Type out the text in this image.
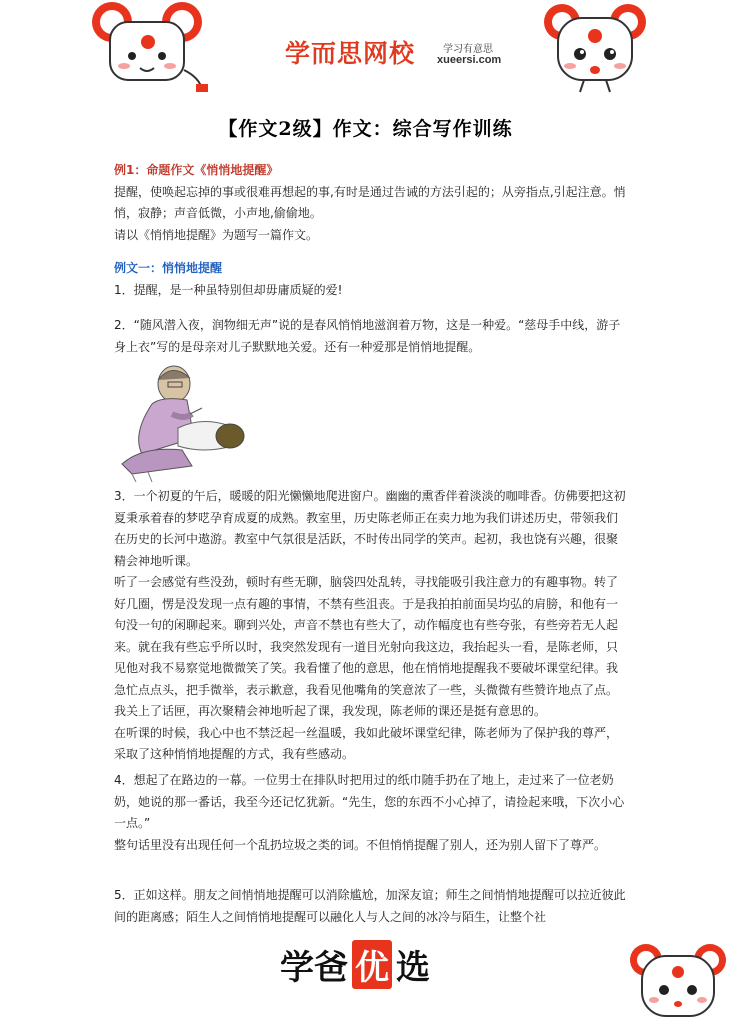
学而思网校	学习有意思
xueersi.com
【作文2级】作文：综合写作训练

例1：命题作文《悄悄地提醒》

提醒，使唤起忘掉的事或很难再想起的事,有时是通过告诫的方法引起的；从旁指点,引起注意。悄悄，寂静；声音低微，小声地,偷偷地。

请以《悄悄地提醒》为题写一篇作文。

例文一：悄悄地提醒

1．提醒，是一种虽特别但却毋庸质疑的爱!

2．“随风潜入夜，润物细无声”说的是春风悄悄地滋润着万物，这是一种爱。“慈母手中线，游子身上衣”写的是母亲对儿子默默地关爱。还有一种爱那是悄悄地提醒。

3．一个初夏的午后，暖暖的阳光懒懒地爬进窗户。幽幽的熏香伴着淡淡的咖啡香。仿佛要把这初夏秉承着春的梦呓孕育成夏的成熟。教室里，历史陈老师正在卖力地为我们讲述历史，带领我们在历史的长河中遨游。教室中气氛很是活跃，不时传出同学的笑声。起初，我也饶有兴趣，很聚精会神地听课。

听了一会感觉有些没劲，顿时有些无聊，脑袋四处乱转，寻找能吸引我注意力的有趣事物。转了好几圈，愣是没发现一点有趣的事情，不禁有些沮丧。于是我拍拍前面吴均弘的肩膀，和他有一句没一句的闲聊起来。聊到兴处，声音不禁也有些大了，动作幅度也有些夸张，有些旁若无人起来。就在我有些忘乎所以时，我突然发现有一道目光射向我这边，我抬起头一看，是陈老师，只见他对我不易察觉地微微笑了笑。我看懂了他的意思，他在悄悄地提醒我不要破坏课堂纪律。我急忙点点头，把手微举，表示歉意，我看见他嘴角的笑意浓了一些，头微微有些赞许地点了点。我关上了话匣，再次聚精会神地听起了课，我发现，陈老师的课还是挺有意思的。

在听课的时候，我心中也不禁泛起一丝温暖，我如此破坏课堂纪律，陈老师为了保护我的尊严，采取了这种悄悄地提醒的方式，我有些感动。

4．想起了在路边的一幕。一位男士在排队时把用过的纸巾随手扔在了地上，走过来了一位老奶奶，她说的那一番话，我至今还记忆犹新。“先生，您的东西不小心掉了，请捡起来哦，下次小心一点。”

整句话里没有出现任何一个乱扔垃圾之类的词。不但悄悄提醒了别人，还为别人留下了尊严。

5．正如这样。朋友之间悄悄地提醒可以消除尴尬，加深友谊；师生之间悄悄地提醒可以拉近彼此间的距离感；陌生人之间悄悄地提醒可以融化人与人之间的冰冷与陌生，让整个社

学爸 优 选
